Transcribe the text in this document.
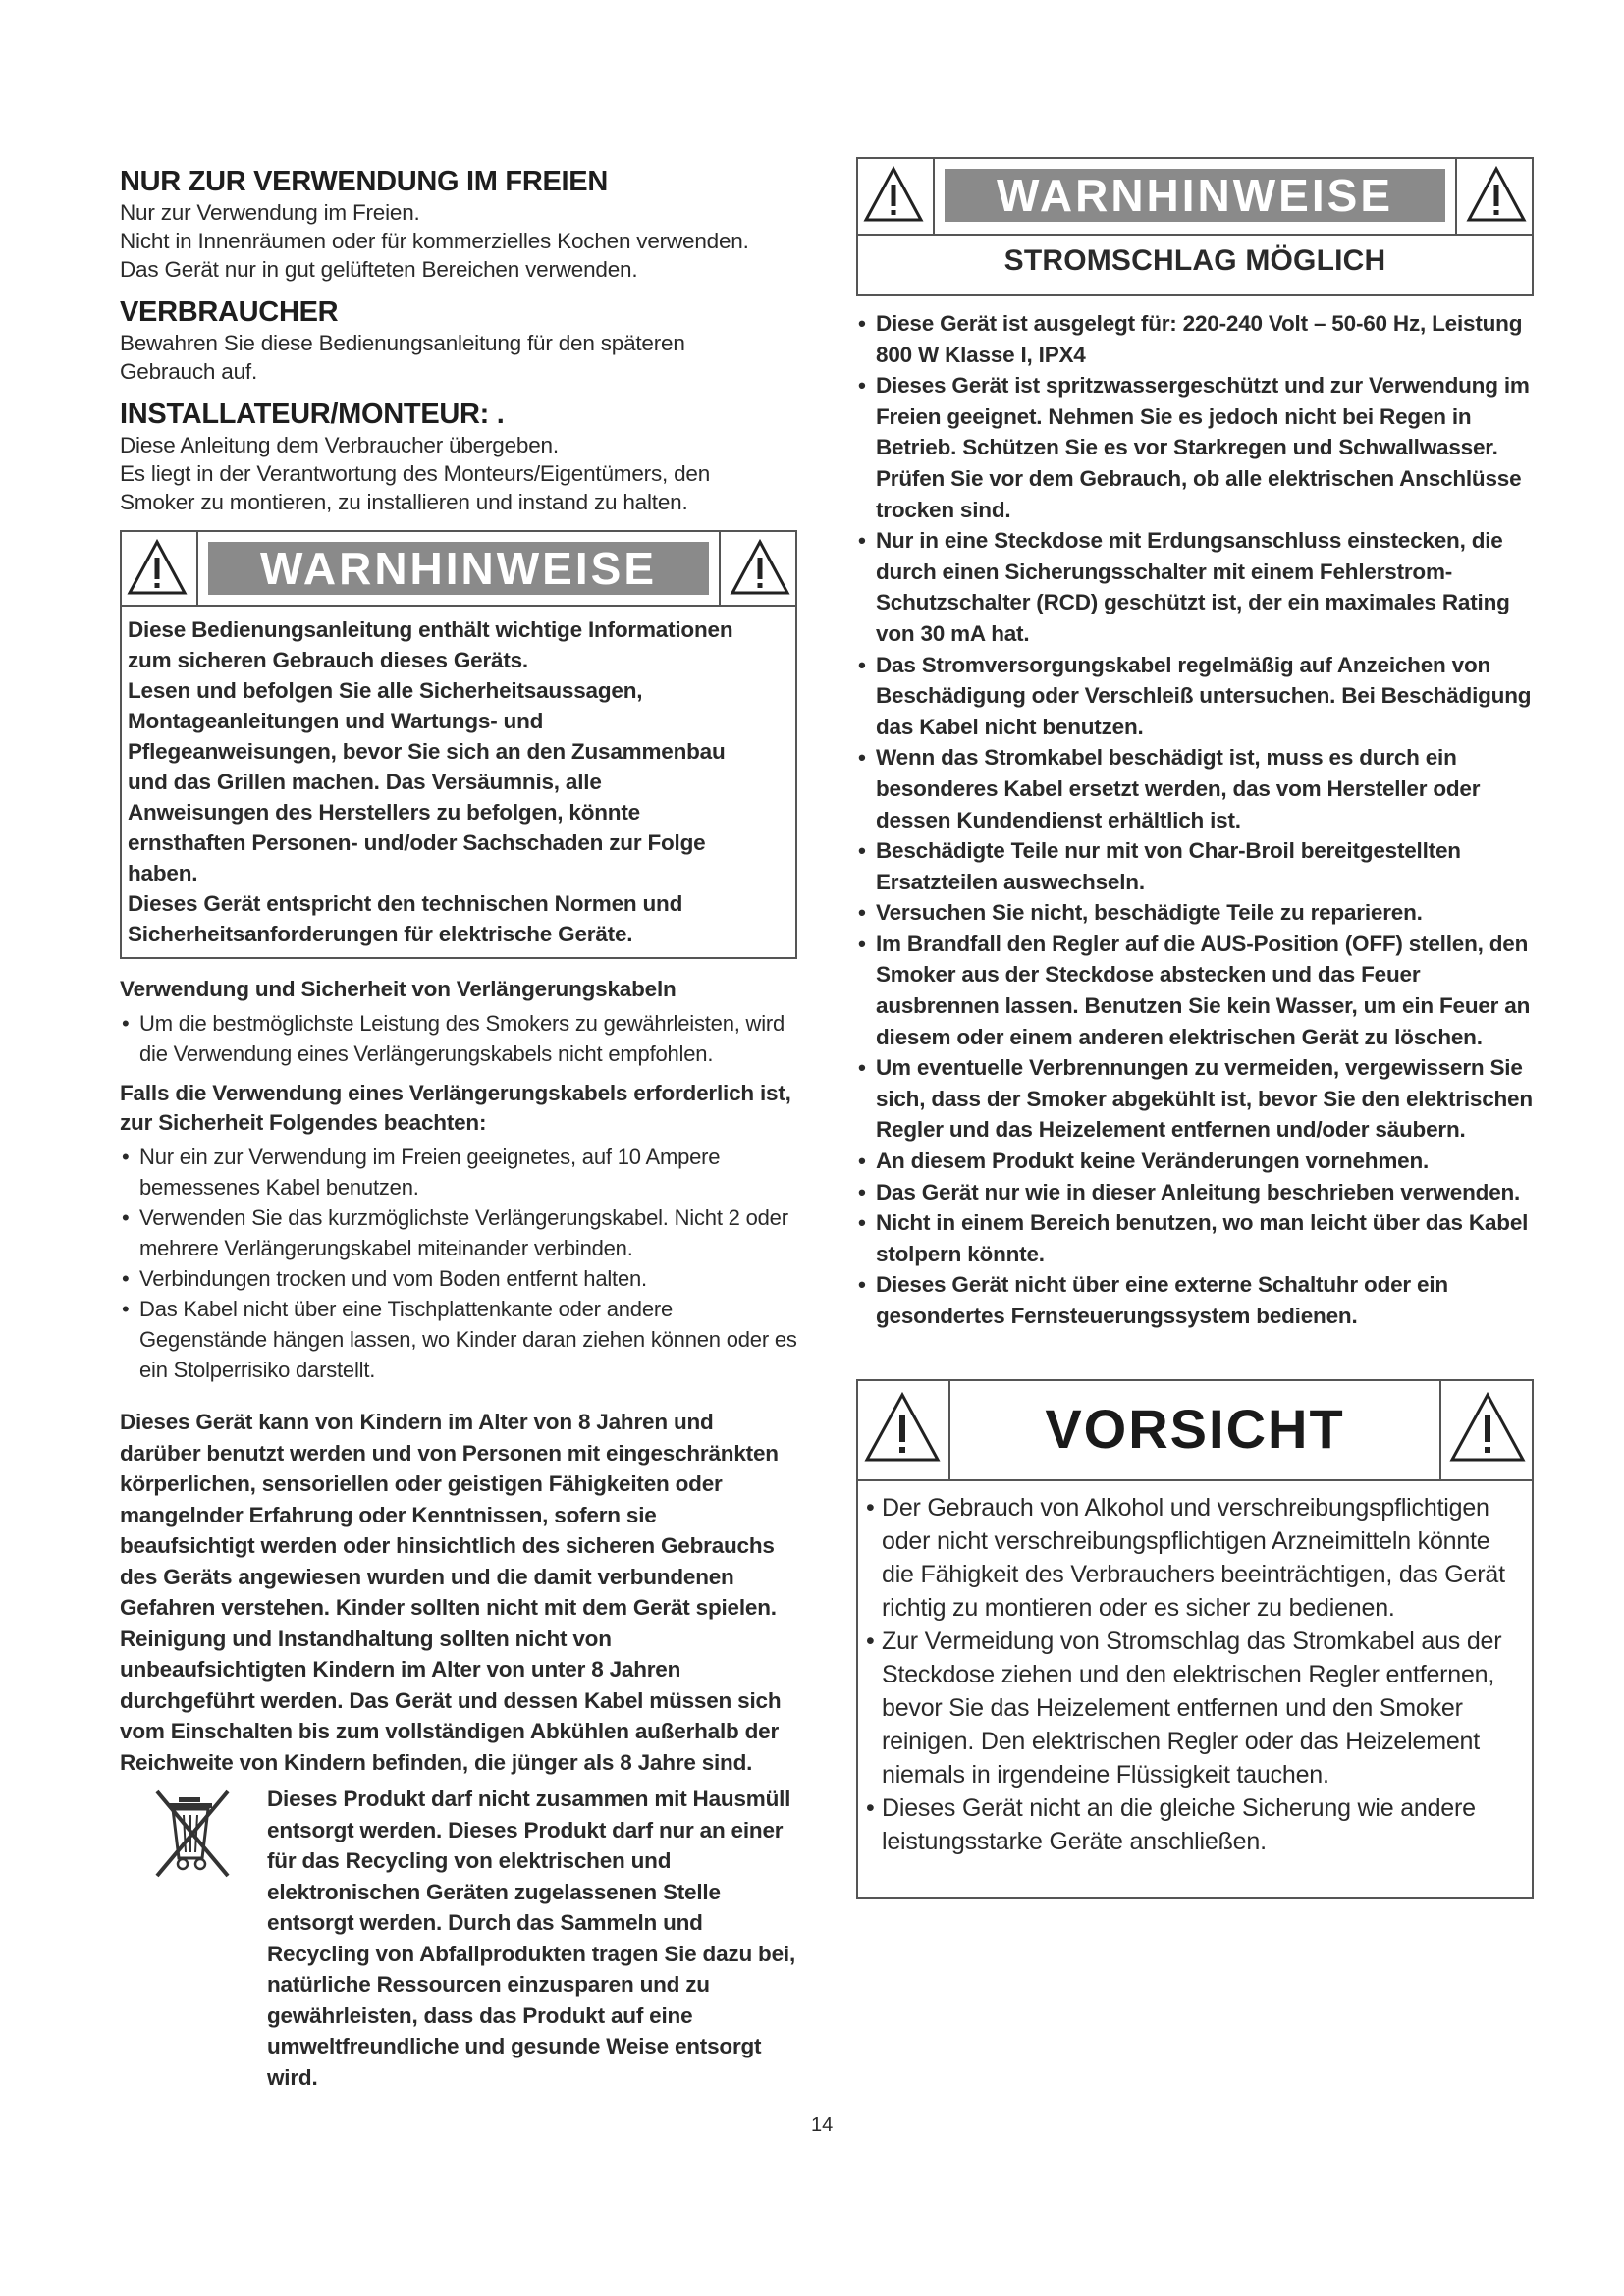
NUR ZUR VERWENDUNG IM FREIEN

Nur zur Verwendung im Freien.

Nicht in Innenräumen oder für kommerzielles Kochen verwenden.

Das Gerät nur in gut gelüfteten Bereichen verwenden.

VERBRAUCHER

Bewahren Sie diese Bedienungsanleitung für den späteren

Gebrauch auf.

INSTALLATEUR/MONTEUR: .

Diese Anleitung dem Verbraucher übergeben.

Es liegt in der Verantwortung des Monteurs/Eigentümers, den

Smoker zu montieren, zu installieren und instand zu halten.

WARNHINWEISE
Diese Bedienungsanleitung enthält wichtige Informationen
zum sicheren Gebrauch dieses Geräts.
Lesen und befolgen Sie alle Sicherheitsaussagen,
Montageanleitungen und Wartungs- und
Pflegeanweisungen, bevor Sie sich an den Zusammenbau
und das Grillen machen. Das Versäumnis, alle
Anweisungen des Herstellers zu befolgen, könnte
ernsthaften Personen- und/oder Sachschaden zur Folge
haben.
Dieses Gerät entspricht den technischen Normen und
Sicherheitsanforderungen für elektrische Geräte.
Verwendung und Sicherheit von Verlängerungskabeln
• Um die bestmöglichste Leistung des Smokers zu gewährleisten, wird die Verwendung eines Verlängerungskabels nicht empfohlen.
Falls die Verwendung eines Verlängerungskabels erforderlich ist, zur Sicherheit Folgendes beachten:
• Nur ein zur Verwendung im Freien geeignetes, auf 10 Ampere bemessenes Kabel benutzen.
• Verwenden Sie das kurzmöglichste Verlängerungskabel. Nicht 2 oder mehrere Verlängerungskabel miteinander verbinden.
• Verbindungen trocken und vom Boden entfernt halten.
• Das Kabel nicht über eine Tischplattenkante oder andere Gegenstände hängen lassen, wo Kinder daran ziehen können oder es ein Stolperrisiko darstellt.
Dieses Gerät kann von Kindern im Alter von 8 Jahren und darüber benutzt werden und von Personen mit eingeschränkten körperlichen, sensoriellen oder geistigen Fähigkeiten oder mangelnder Erfahrung oder Kenntnissen, sofern sie beaufsichtigt werden oder hinsichtlich des sicheren Gebrauchs des Geräts angewiesen wurden und die damit verbundenen Gefahren verstehen. Kinder sollten nicht mit dem Gerät spielen. Reinigung und Instandhaltung sollten nicht von unbeaufsichtigten Kindern im Alter von unter 8 Jahren durchgeführt werden. Das Gerät und dessen Kabel müssen sich vom Einschalten bis zum vollständigen Abkühlen außerhalb der Reichweite von Kindern befinden, die jünger als 8 Jahre sind.
Dieses Produkt darf nicht zusammen mit Hausmüll entsorgt werden. Dieses Produkt darf nur an einer für das Recycling von elektrischen und elektronischen Geräten zugelassenen Stelle entsorgt werden. Durch das Sammeln und Recycling von Abfallprodukten tragen Sie dazu bei, natürliche Ressourcen einzusparen und zu gewährleisten, dass das Produkt auf eine umweltfreundliche und gesunde Weise entsorgt wird.
WARNHINWEISE
STROMSCHLAG MÖGLICH
• Diese Gerät ist ausgelegt für: 220-240 Volt – 50-60 Hz, Leistung 800 W Klasse I, IPX4
• Dieses Gerät ist spritzwassergeschützt und zur Verwendung im Freien geeignet. Nehmen Sie es jedoch nicht bei Regen in Betrieb. Schützen Sie es vor Starkregen und Schwallwasser. Prüfen Sie vor dem Gebrauch, ob alle elektrischen Anschlüsse trocken sind.
• Nur in eine Steckdose mit Erdungsanschluss einstecken, die durch einen Sicherungsschalter mit einem Fehlerstrom-Schutzschalter (RCD) geschützt ist, der ein maximales Rating von 30 mA hat.
• Das Stromversorgungskabel regelmäßig auf Anzeichen von Beschädigung oder Verschleiß untersuchen. Bei Beschädigung das Kabel nicht benutzen.
• Wenn das Stromkabel beschädigt ist, muss es durch ein besonderes Kabel ersetzt werden, das vom Hersteller oder dessen Kundendienst erhältlich ist.
• Beschädigte Teile nur mit von Char-Broil bereitgestellten Ersatzteilen auswechseln.
• Versuchen Sie nicht, beschädigte Teile zu reparieren.
• Im Brandfall den Regler auf die AUS-Position (OFF) stellen, den Smoker aus der Steckdose abstecken und das Feuer ausbrennen lassen. Benutzen Sie kein Wasser, um ein Feuer an diesem oder einem anderen elektrischen Gerät zu löschen.
• Um eventuelle Verbrennungen zu vermeiden, vergewissern Sie sich, dass der Smoker abgekühlt ist, bevor Sie den elektrischen Regler und das Heizelement entfernen und/oder säubern.
• An diesem Produkt keine Veränderungen vornehmen.
• Das Gerät nur wie in dieser Anleitung beschrieben verwenden.
• Nicht in einem Bereich benutzen, wo man leicht über das Kabel stolpern könnte.
• Dieses Gerät nicht über eine externe Schaltuhr oder ein gesondertes Fernsteuerungssystem bedienen.
VORSICHT
• Der Gebrauch von Alkohol und verschreibungspflichtigen oder nicht verschreibungspflichtigen Arzneimitteln könnte die Fähigkeit des Verbrauchers beeinträchtigen, das Gerät richtig zu montieren oder es sicher zu bedienen.
• Zur Vermeidung von Stromschlag das Stromkabel aus der Steckdose ziehen und den elektrischen Regler entfernen, bevor Sie das Heizelement entfernen und den Smoker reinigen. Den elektrischen Regler oder das Heizelement niemals in irgendeine Flüssigkeit tauchen.
• Dieses Gerät nicht an die gleiche Sicherung wie andere leistungsstarke Geräte anschließen.
14
